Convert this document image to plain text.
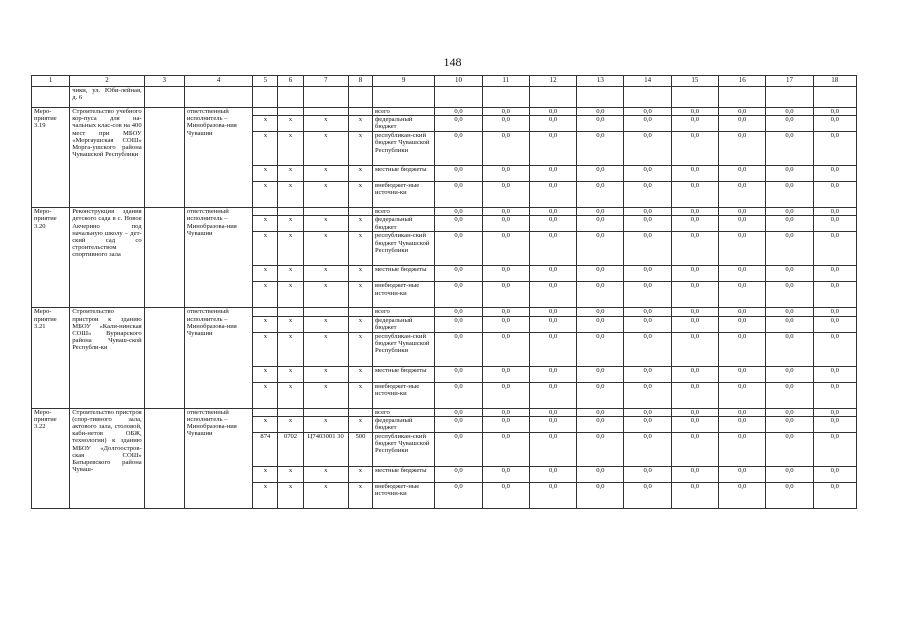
148
1	2	3	4	5	6	7	8	9	10	11	12	13	14	15	16	17	18
	чики, ул. Юби-лейная, д. 6																
Меро-приятие 3.19	Строительство учебного кор-пуса для на-чальных клас-сов на 400 мест при МБОУ «Моргаушская СОШ» Морга-ушского района Чувашской Республики		ответственный исполнитель – Минобразова-ния Чувашии					всего	0,0	0,0	0,0	0,0	0,0	0,0	0,0	0,0	0,0
				х	х	х	х	федеральный бюджет	0,0	0,0	0,0	0,0	0,0	0,0	0,0	0,0	0,0
				х	х	х	х	республикан-ский бюджет Чувашской Республики	0,0	0,0	0,0	0,0	0,0	0,0	0,0	0,0	0,0
				х	х	х	х	местные бюджеты	0,0	0,0	0,0	0,0	0,0	0,0	0,0	0,0	0,0
				х	х	х	х	внебюджет-ные источни-ки	0,0	0,0	0,0	0,0	0,0	0,0	0,0	0,0	0,0
Меро-приятие 3.20	Реконструкция здания детского сада в с. Новое Акчерино под начальную школу – дет-ский сад со строительством спортивного зала		ответственный исполнитель – Минобразова-ния Чувашии					всего	0,0	0,0	0,0	0,0	0,0	0,0	0,0	0,0	0,0
				х	х	х	х	федеральный бюджет	0,0	0,0	0,0	0,0	0,0	0,0	0,0	0,0	0,0
				х	х	х	х	республикан-ский бюджет Чувашской Республики	0,0	0,0	0,0	0,0	0,0	0,0	0,0	0,0	0,0
				х	х	х	х	местные бюджеты	0,0	0,0	0,0	0,0	0,0	0,0	0,0	0,0	0,0
				х	х	х	х	внебюджет-ные источни-ки	0,0	0,0	0,0	0,0	0,0	0,0	0,0	0,0	0,0
Меро-приятие 3.21	Строительство пристрои к зданию МБОУ «Кали-нинская СОШ» Вурнарского района Чуваш-ской Республи-ки		ответственный исполнитель – Минобразова-ния Чувашии					всего	0,0	0,0	0,0	0,0	0,0	0,0	0,0	0,0	0,0
				х	х	х	х	федеральный бюджет	0,0	0,0	0,0	0,0	0,0	0,0	0,0	0,0	0,0
				х	х	х	х	республикан-ский бюджет Чувашской Республики	0,0	0,0	0,0	0,0	0,0	0,0	0,0	0,0	0,0
				х	х	х	х	местные бюджеты	0,0	0,0	0,0	0,0	0,0	0,0	0,0	0,0	0,0
				х	х	х	х	внебюджет-ные источни-ки	0,0	0,0	0,0	0,0	0,0	0,0	0,0	0,0	0,0
Меро-приятие 3.22	Строительство пристроя (спор-тивного зала, актового зала, столовой, каби-нетов ОБЖ, технологии) к зданию МБОУ «Долгоостров-ская СОШ» Батыревского района Чуваш-		ответственный исполнитель – Минобразова-ния Чувашии					всего	0,0	0,0	0,0	0,0	0,0	0,0	0,0	0,0	0,0
				х	х	х	х	федеральный бюджет	0,0	0,0	0,0	0,0	0,0	0,0	0,0	0,0	0,0
				874	0702	Ц7403001 30	500	республикан-ский бюджет Чувашской Республики	0,0	0,0	0,0	0,0	0,0	0,0	0,0	0,0	0,0
				х	х	х	х	местные бюджеты	0,0	0,0	0,0	0,0	0,0	0,0	0,0	0,0	0,0
				х	х	х	х	внебюджет-ные источни-ки	0,0	0,0	0,0	0,0	0,0	0,0	0,0	0,0	0,0
